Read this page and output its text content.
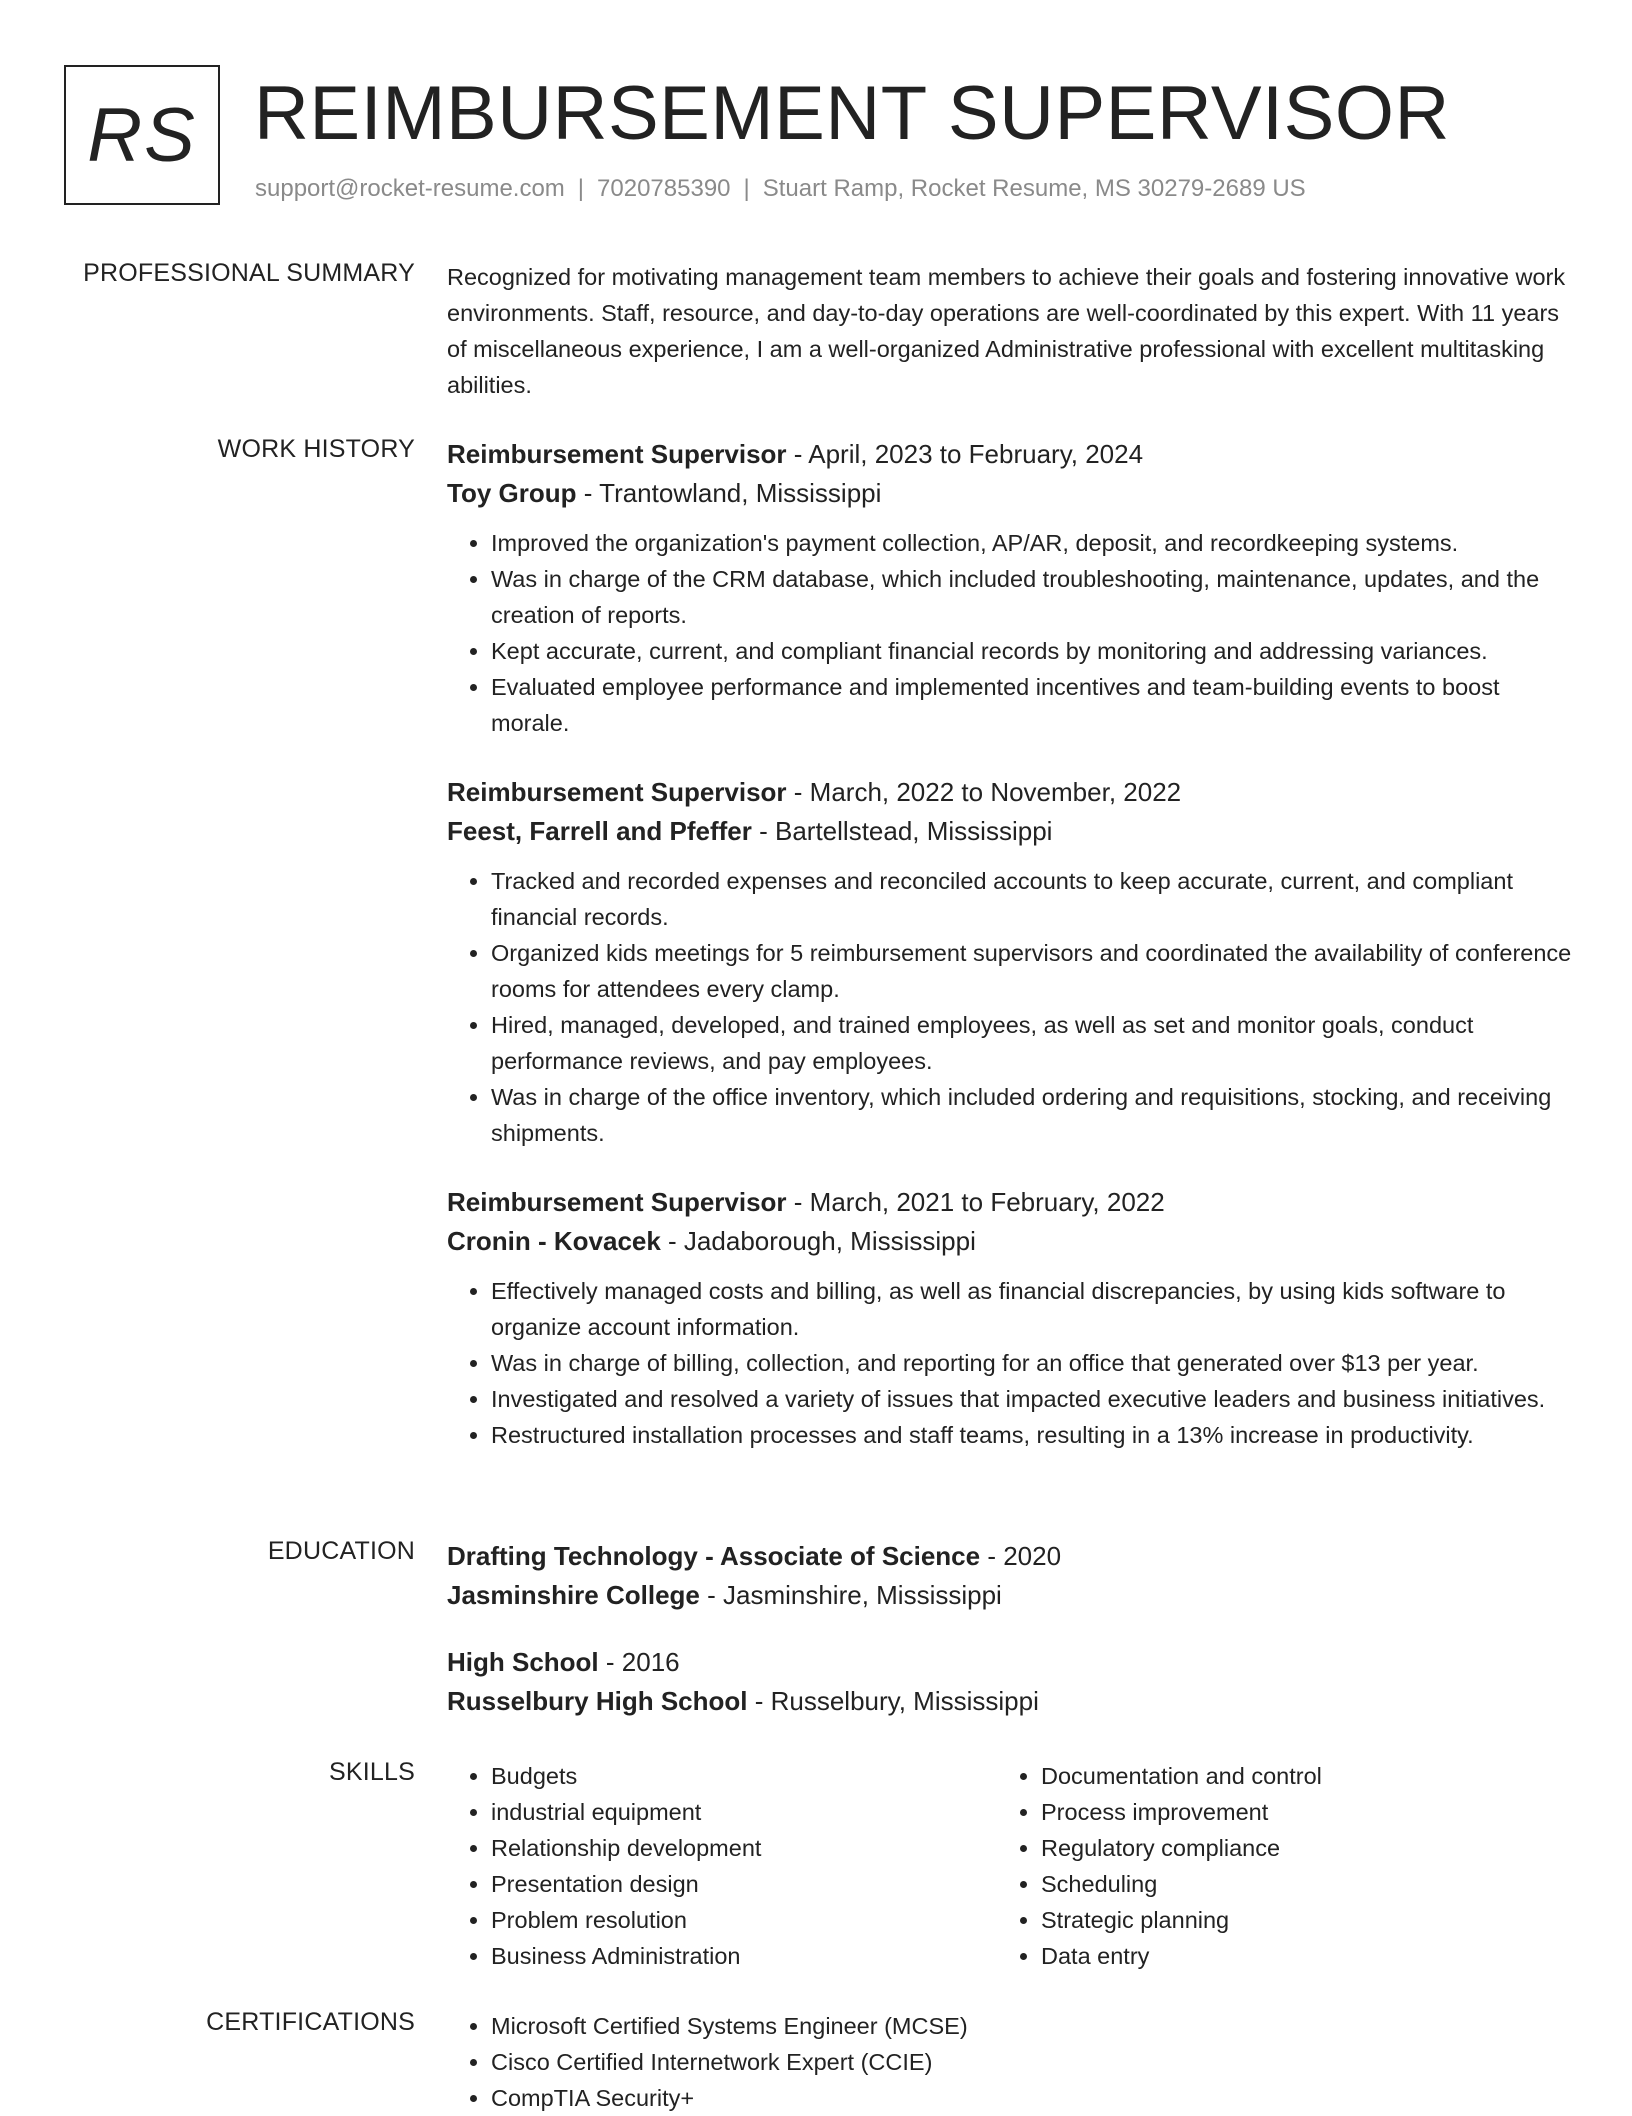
RS REIMBURSEMENT SUPERVISOR
support@rocket-resume.com | 7020785390 | Stuart Ramp, Rocket Resume, MS 30279-2689 US
PROFESSIONAL SUMMARY Recognized for motivating management team members to achieve their goals and fostering innovative work environments. Staff, resource, and day-to-day operations are well-coordinated by this expert. With 11 years of miscellaneous experience, I am a well-organized Administrative professional with excellent multitasking abilities.

WORK HISTORY Reimbursement Supervisor - April, 2023 to February, 2024
Toy Group - Trantowland, Mississippi
• Improved the organization's payment collection, AP/AR, deposit, and recordkeeping systems.
• Was in charge of the CRM database, which included troubleshooting, maintenance, updates, and the creation of reports.
• Kept accurate, current, and compliant financial records by monitoring and addressing variances.
• Evaluated employee performance and implemented incentives and team-building events to boost morale.
Reimbursement Supervisor - March, 2022 to November, 2022
Feest, Farrell and Pfeffer - Bartellstead, Mississippi
• Tracked and recorded expenses and reconciled accounts to keep accurate, current, and compliant financial records.
• Organized kids meetings for 5 reimbursement supervisors and coordinated the availability of conference rooms for attendees every clamp.
• Hired, managed, developed, and trained employees, as well as set and monitor goals, conduct performance reviews, and pay employees.
• Was in charge of the office inventory, which included ordering and requisitions, stocking, and receiving shipments.
Reimbursement Supervisor - March, 2021 to February, 2022
Cronin - Kovacek - Jadaborough, Mississippi
• Effectively managed costs and billing, as well as financial discrepancies, by using kids software to organize account information.
• Was in charge of billing, collection, and reporting for an office that generated over $13 per year.
• Investigated and resolved a variety of issues that impacted executive leaders and business initiatives.
• Restructured installation processes and staff teams, resulting in a 13% increase in productivity.
EDUCATION Drafting Technology - Associate of Science - 2020
Jasminshire College - Jasminshire, Mississippi
High School - 2016
Russelbury High School - Russelbury, Mississippi
SKILLS	• Budgets
• industrial equipment
• Relationship development
• Presentation design
• Problem resolution
• Business Administration
• Documentation and control
• Process improvement
• Regulatory compliance
• Scheduling
• Strategic planning
• Data entry
CERTIFICATIONS	• Microsoft Certified Systems Engineer (MCSE)
• Cisco Certified Internetwork Expert (CCIE)
• CompTIA Security+
